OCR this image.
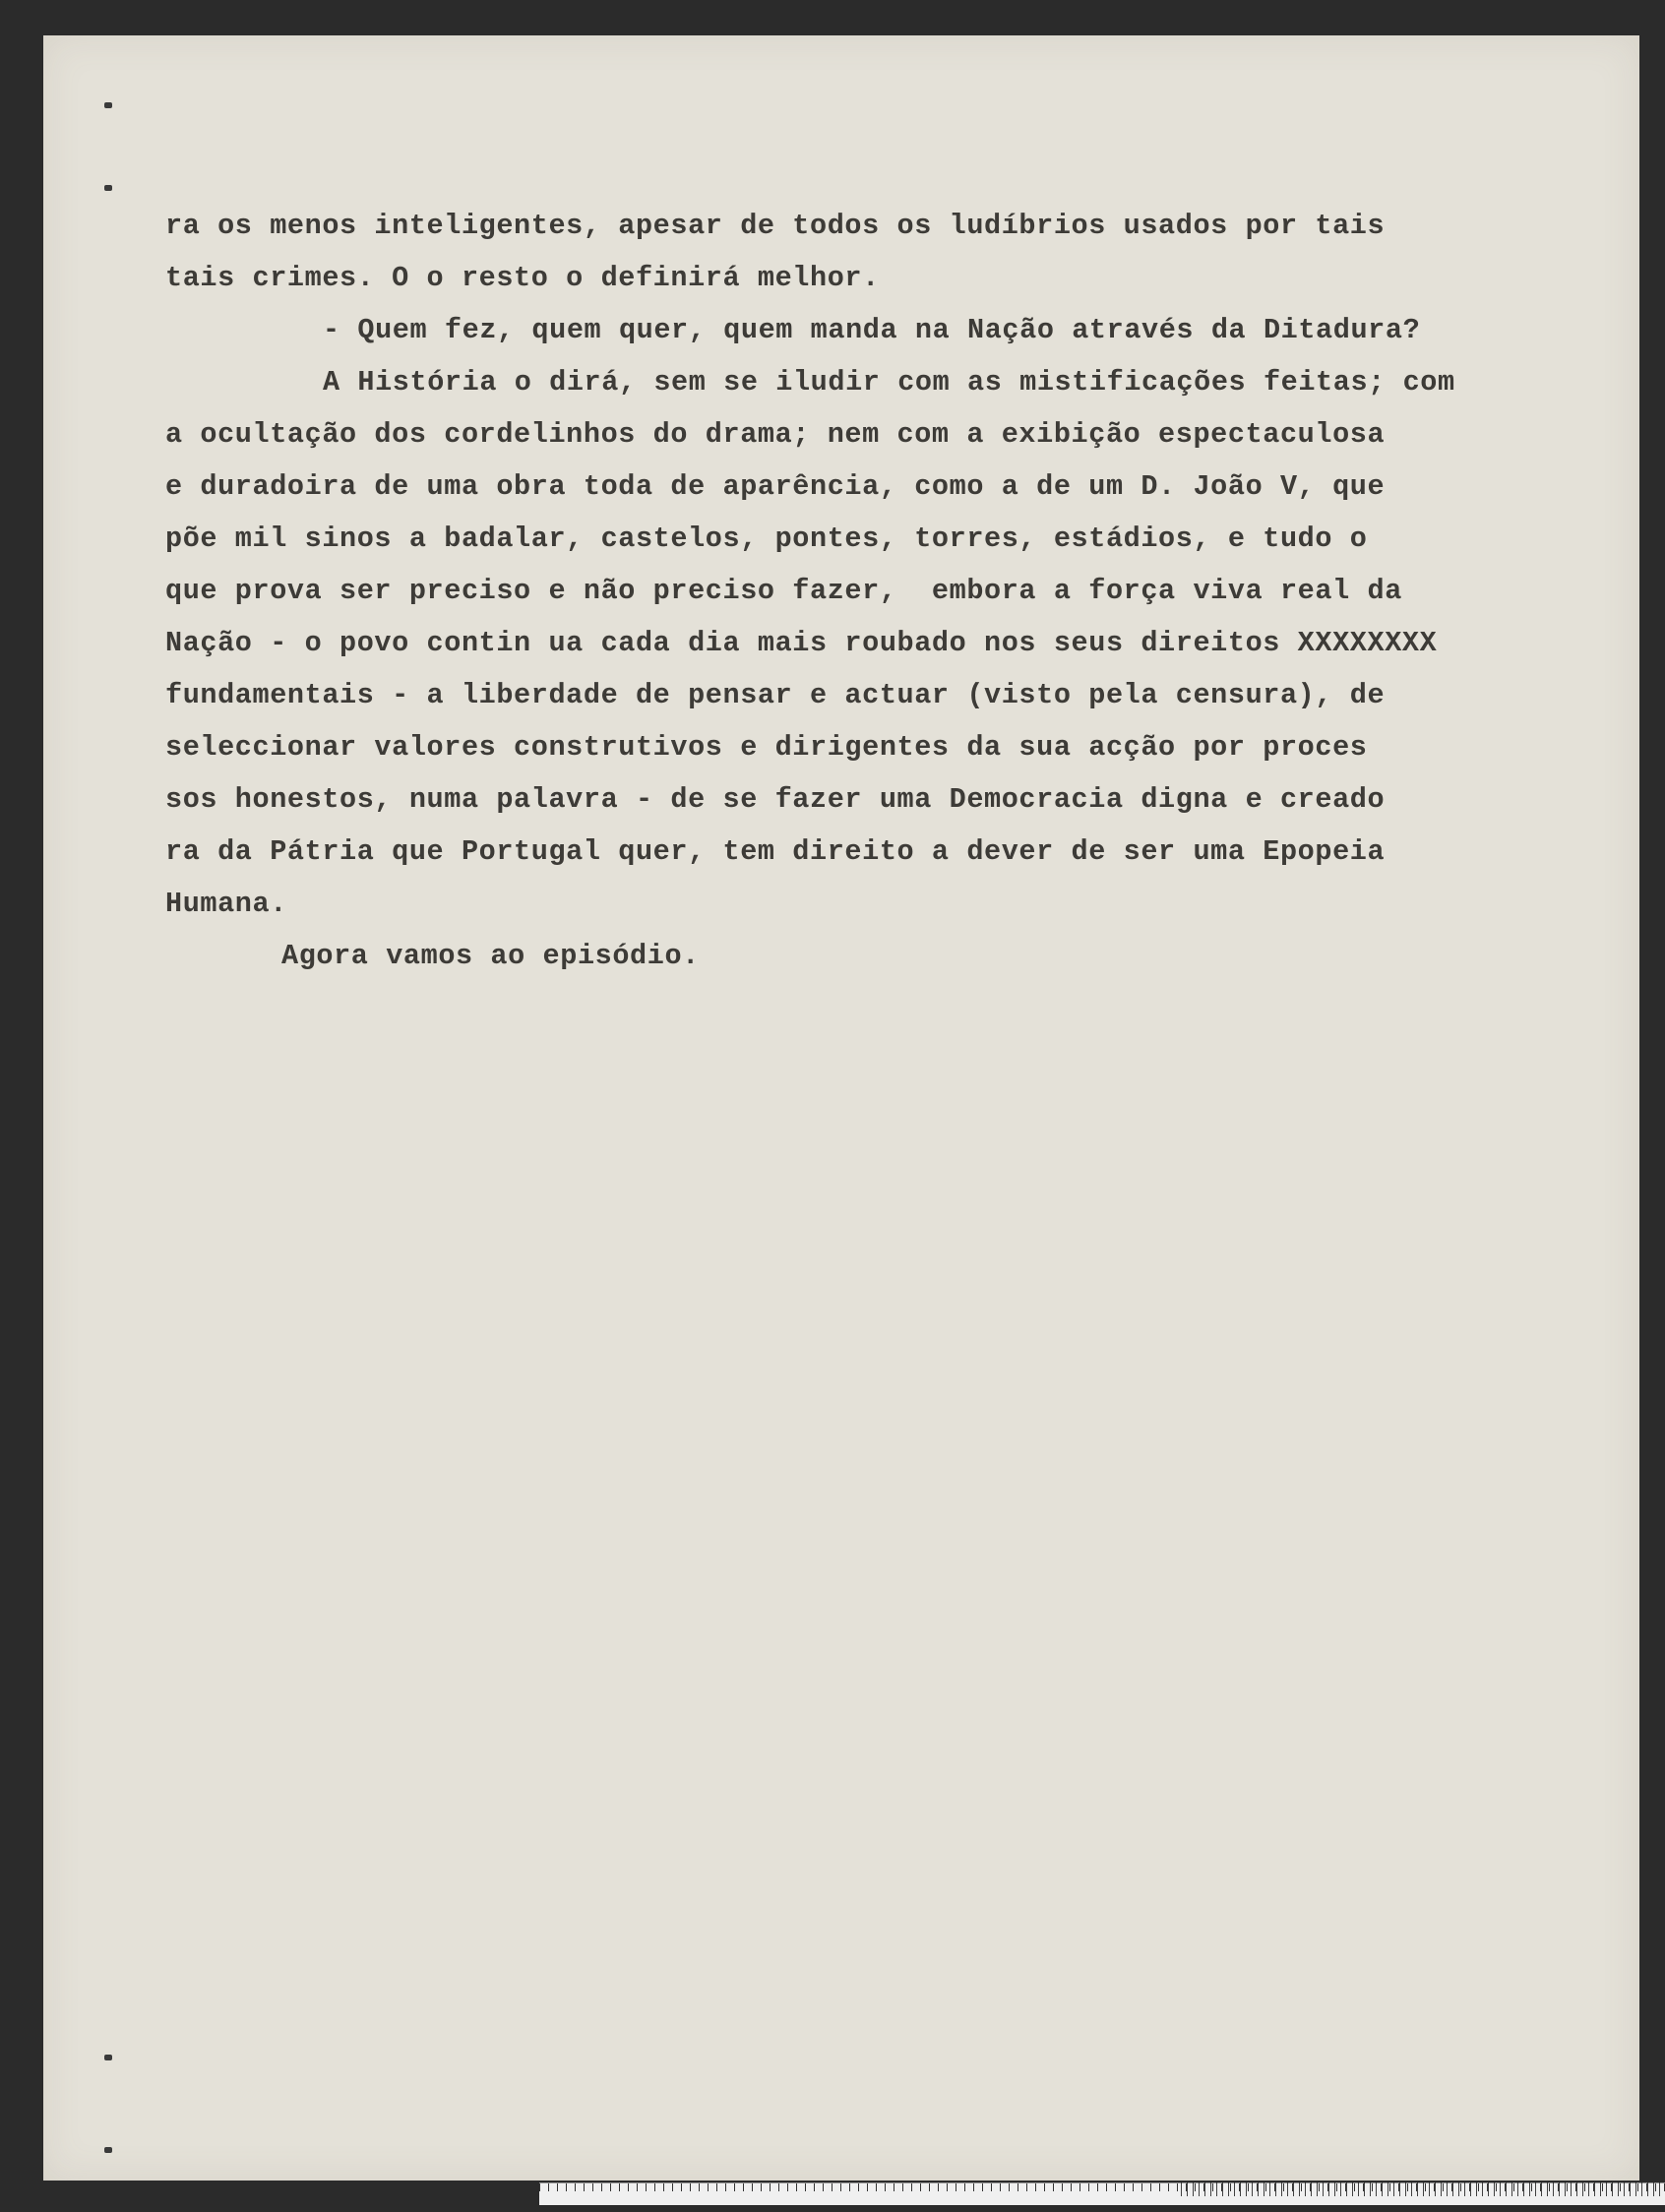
ra os menos inteligentes, apesar de todos os ludíbrios usados por tais
tais crimes. O o resto o definirá melhor.
- Quem fez, quem quer, quem manda na Nação através da Ditadura?
A História o dirá, sem se iludir com as mistificações feitas; com
a ocultação dos cordelinhos do drama; nem com a exibição espectaculosa
e duradoira de uma obra toda de aparência, como a de um D. João V, que
põe mil sinos a badalar, castelos, pontes, torres, estádios, e tudo o
que prova ser preciso e não preciso fazer,  embora a força viva real da
Nação - o povo contin ua cada dia mais roubado nos seus direitos XXXXXXXX
fundamentais - a liberdade de pensar e actuar (visto pela censura), de
seleccionar valores construtivos e dirigentes da sua acção por proces
sos honestos, numa palavra - de se fazer uma Democracia digna e creado
ra da Pátria que Portugal quer, tem direito a dever de ser uma Epopeia
Humana.
Agora vamos ao episódio.
